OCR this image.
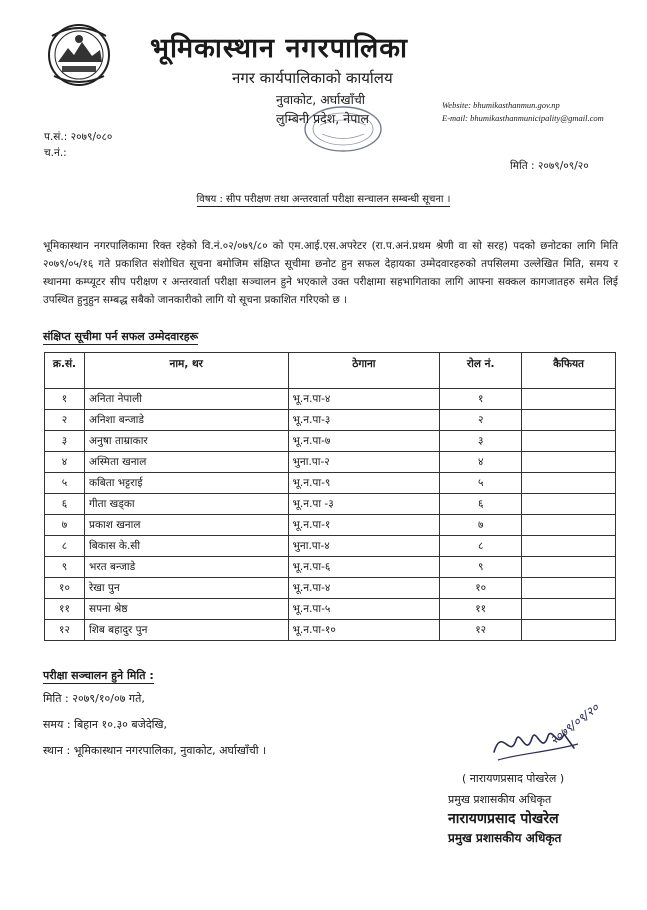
भूमिकास्थान नगरपालिका
नगर कार्यपालिकाको कार्यालय
नुवाकोट, अर्घाखाँची
लुम्बिनी प्रदेश, नेपाल
Website: bhumikasthanmun.gov.np
E-mail: bhumikasthanmunicipality@gmail.com
प.सं.: २०७९/०८०
च.नं.:
मिति : २०७९/०९/२०
विषय : सीप परीक्षण तथा अन्तरवार्ता परीक्षा सन्चालन सम्बन्धी सूचना ।
भूमिकास्थान नगरपालिकामा रिक्त रहेको वि.नं.०२/०७९/८० को एम.आई.एस.अपरेटर (रा.प.अनं.प्रथम श्रेणी वा सो सरह) पदको छनोटका लागि मिति २०७९/०५/१६ गते प्रकाशित संशोधित सूचना बमोजिम संक्षिप्त सूचीमा छनोट हुन सफल देहायका उम्मेदवारहरुको तपसिलमा उल्लेखित मिति, समय र स्थानमा कम्प्यूटर सीप परीक्षण र अन्तरवार्ता परीक्षा सञ्चालन हुने भएकाले उक्त परीक्षामा सहभागिताका लागि आफ्ना सक्कल कागजातहरु समेत लिई उपस्थित हुनुहुन सम्बद्ध सबैको जानकारीको लागि यो सूचना प्रकाशित गरिएको छ ।
संक्षिप्त सूचीमा पर्न सफल उम्मेदवारहरू
क्र.सं.	नाम, थर	ठेगाना	रोल नं.	कैफियत
१	अनिता नेपाली	भू.न.पा-४	१	
२	अनिशा बन्जाडे	भू.न.पा-३	२	
३	अनुषा ताम्राकार	भू.न.पा-७	३	
४	अस्मिता खनाल	भुना.पा-२	४	
५	कबिता भट्टराई	भू.न.पा-९	५	
६	गीता खड्का	भू.न.पा -३	६	
७	प्रकाश खनाल	भू.न.पा-१	७	
८	बिकास के.सी	भुना.पा-४	८	
९	भरत बन्जाडे	भू.न.पा-६	९	
१०	रेखा पुन	भू.न.पा-४	१०	
११	सपना श्रेष्ठ	भू.न.पा-५	११	
१२	शिब बहादुर पुन	भू.न.पा-१०	१२	
परीक्षा सञ्चालन हुने मिति :
मिति : २०७९/१०/०७ गते,
समय : बिहान १०.३० बजेदेखि,
स्थान : भूमिकास्थान नगरपालिका, नुवाकोट, अर्घाखाँची ।
२०७९/०९/२०
( नारायणप्रसाद पोखरेल )
प्रमुख प्रशासकीय अधिकृत
नारायणप्रसाद पोखरेल
प्रमुख प्रशासकीय अधिकृत
